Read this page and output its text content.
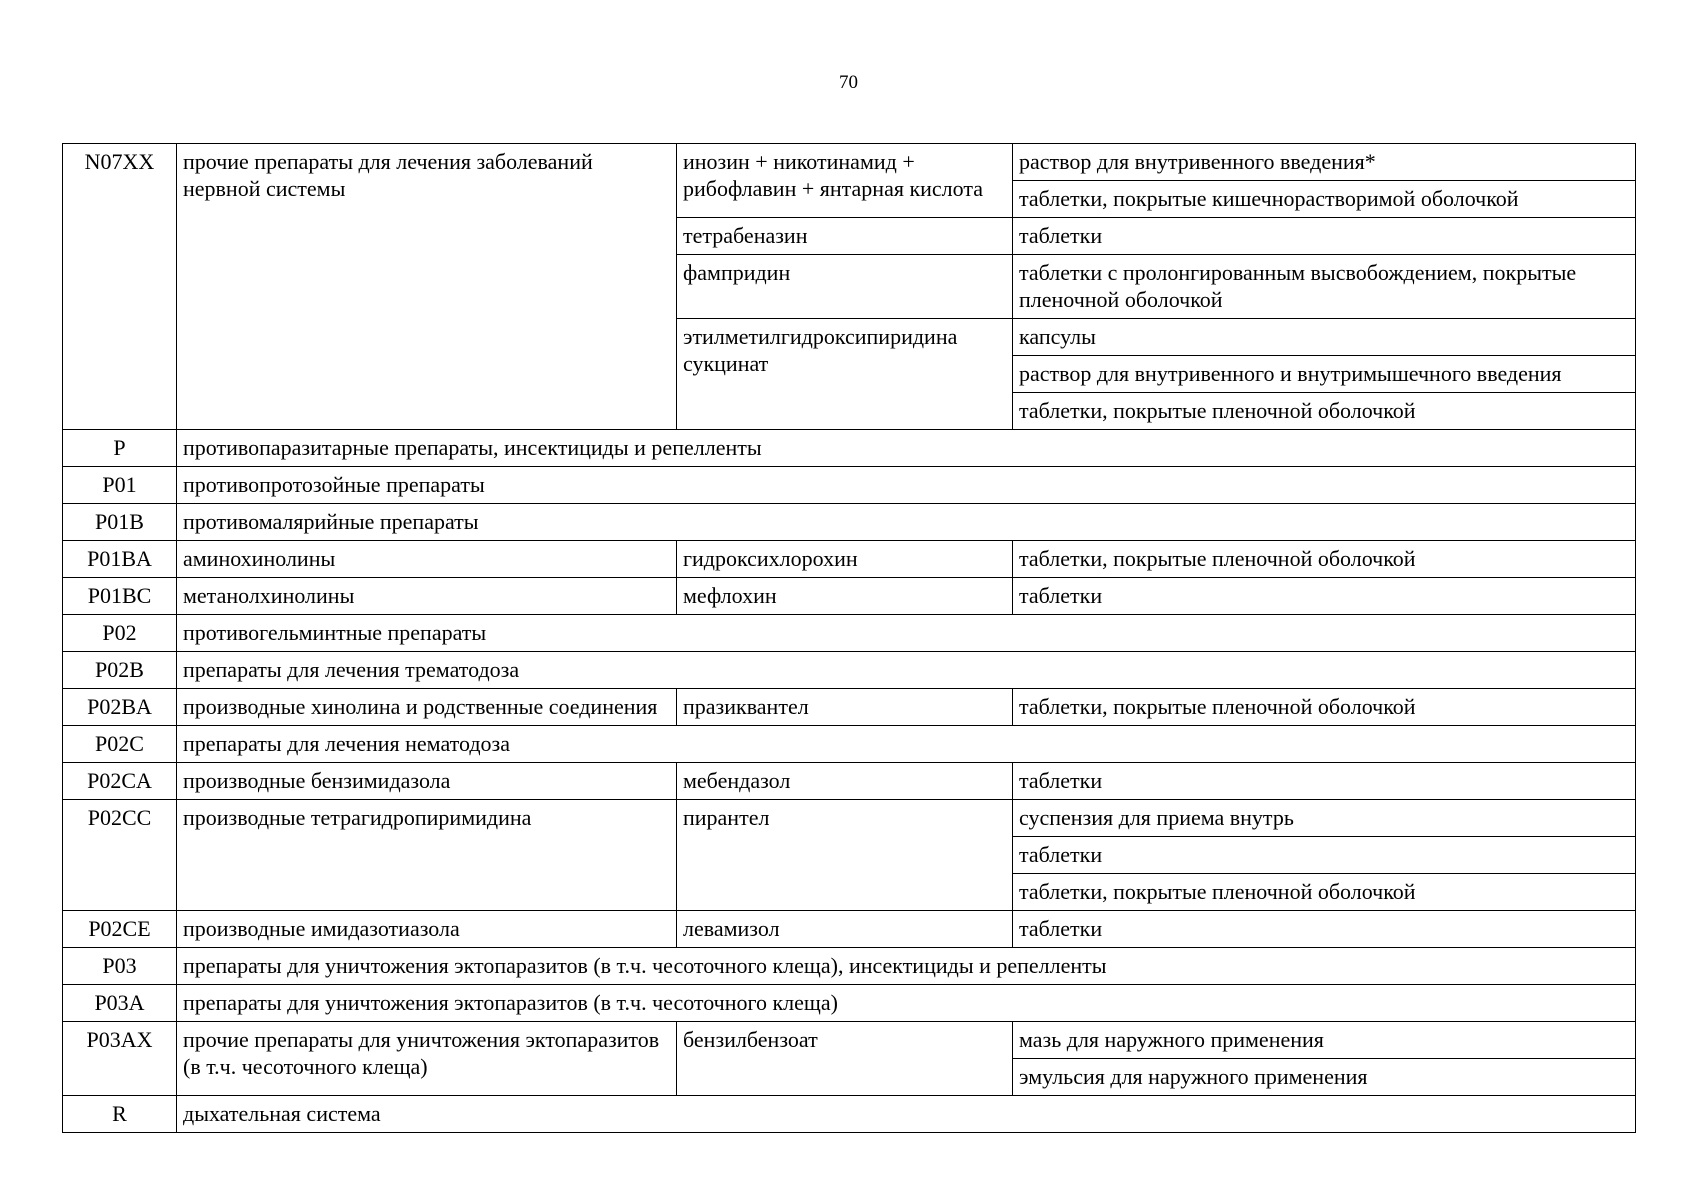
70
N07XX	прочие препараты для лечения заболеваний нервной системы	инозин + никотинамид + рибофлавин + янтарная кислота	раствор для внутривенного введения*
			таблетки, покрытые кишечнорастворимой оболочкой
		тетрабеназин	таблетки
		фампридин	таблетки с пролонгированным высвобождением, покрытые пленочной оболочкой
		этилметилгидроксипиридина сукцинат	капсулы
			раствор для внутривенного и внутримышечного введения
			таблетки, покрытые пленочной оболочкой
P	противопаразитарные препараты, инсектициды и репелленты		
P01	противопротозойные препараты		
P01B	противомалярийные препараты		
P01BA	аминохинолины	гидроксихлорохин	таблетки, покрытые пленочной оболочкой
P01BC	метанолхинолины	мефлохин	таблетки
P02	противогельминтные препараты		
P02B	препараты для лечения трематодоза		
P02BA	производные хинолина и родственные соединения	празиквантел	таблетки, покрытые пленочной оболочкой
P02C	препараты для лечения нематодоза		
P02CA	производные бензимидазола	мебендазол	таблетки
P02CC	производные тетрагидропиримидина	пирантел	суспензия для приема внутрь
			таблетки
			таблетки, покрытые пленочной оболочкой
P02CE	производные имидазотиазола	левамизол	таблетки
P03	препараты для уничтожения эктопаразитов (в т.ч. чесоточного клеща), инсектициды и репелленты		
P03A	препараты для уничтожения эктопаразитов (в т.ч. чесоточного клеща)		
P03AX	прочие препараты для уничтожения эктопаразитов (в т.ч. чесоточного клеща)	бензилбензоат	мазь для наружного применения
			эмульсия для наружного применения
R	дыхательная система		
